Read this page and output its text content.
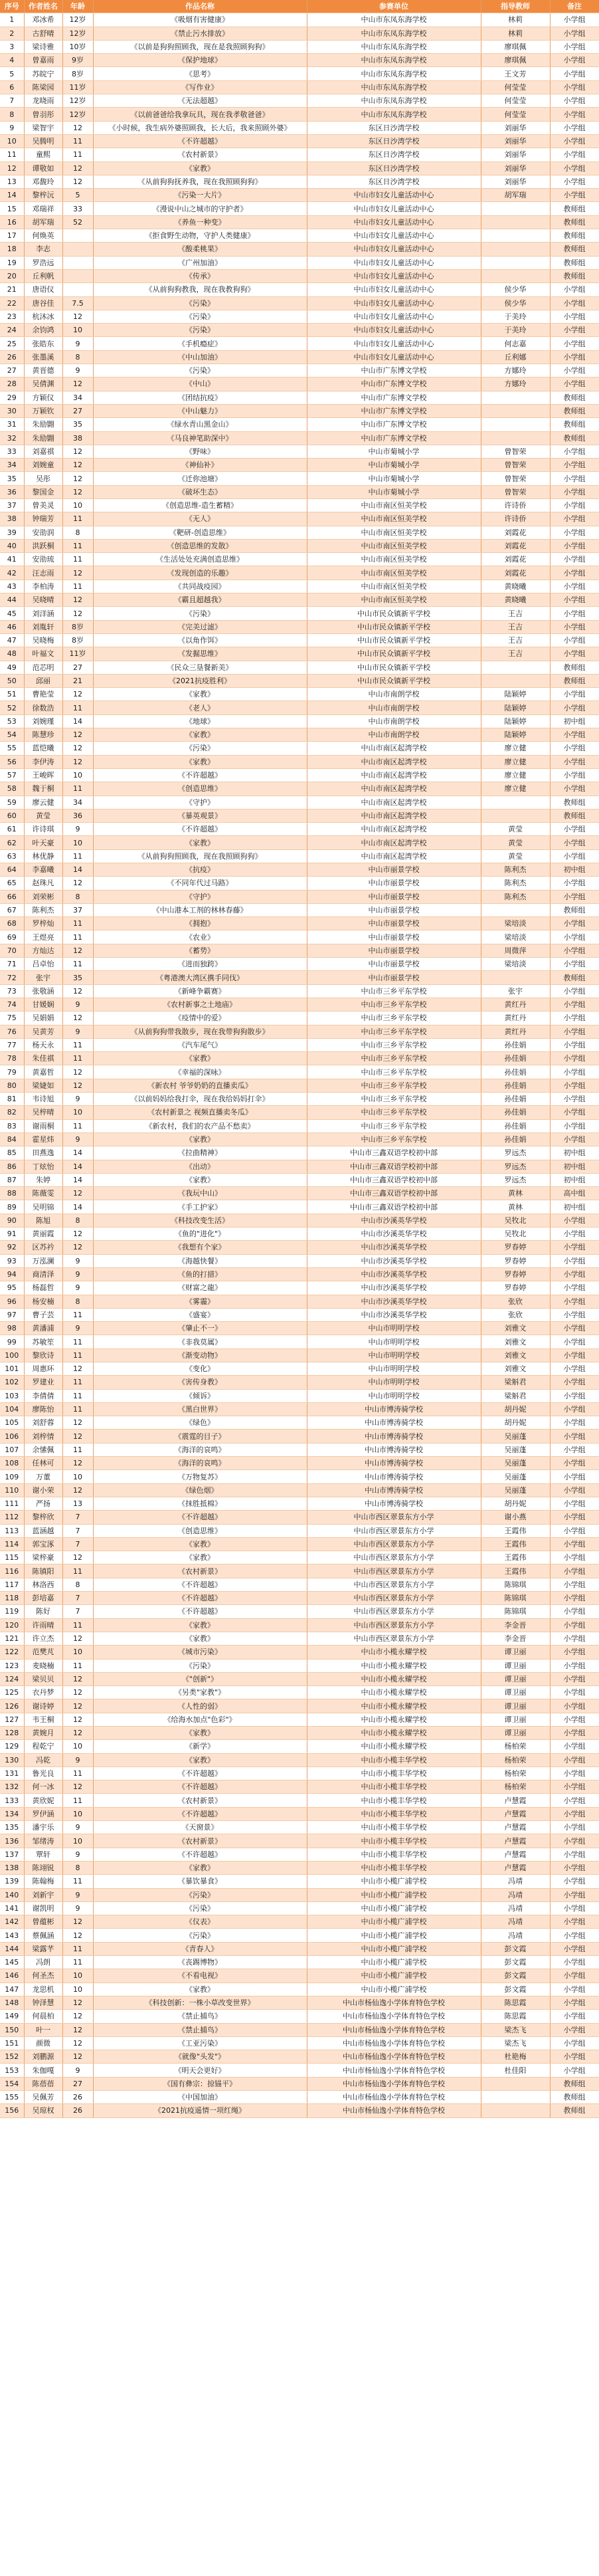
序号	作者姓名	年龄	作品名称	参赛单位	指导教师	备注
1	邓冰希	12岁	《吸烟有害健康》	中山市东凤东海学校	林莉	小学组
2	古舒晴	12岁	《禁止污水排放》	中山市东凤东海学校	林莉	小学组
3	梁诗雅	10岁	《以前是狗狗照顾我，现在是我照顾狗狗》	中山市东凤东海学校	廖琪佩	小学组
4	曾嘉雨	9岁	《保护地球》	中山市东凤东海学校	廖琪佩	小学组
5	苏皖宁	8岁	《思考》	中山市东凤东海学校	王文芳	小学组
6	陈梁园	11岁	《写作业》	中山市东凤东海学校	何莹莹	小学组
7	龙晓雨	12岁	《无法超越》	中山市东凤东海学校	何莹莹	小学组
8	曾羽彤	12岁	《以前爸爸给我拿玩具，现在我孝敬爸爸》	中山市东凤东海学校	何莹莹	小学组
9	梁智宇	12	《小时候，我生病外婆照顾我，长大后，我来照顾外婆》	东区日沙湾学校	刘丽华	小学组
10	吴腾明	11	《不许超越》	东区日沙湾学校	刘丽华	小学组
11	童熙	11	《农村新景》	东区日沙湾学校	刘丽华	小学组
12	谭敬如	12	《家教》	东区日沙湾学校	刘丽华	小学组
13	邓馥玲	12	《从前狗狗抚养我，现在我照顾狗狗》	东区日沙湾学校	刘丽华	小学组
14	黎梓沅	5	《污染一大片》	中山市妇女儿童活动中心	胡军瑞	小学组
15	邓瑞祥	33	《漫说中山之城市的守护者》	中山市妇女儿童活动中心		教师组
16	胡军瑞	52	《养鱼一种变》	中山市妇女儿童活动中心		教师组
17	何焕英		《拒食野生动物，守护人类健康》	中山市妇女儿童活动中心		教师组
18	李志		《酸柔桃果》	中山市妇女儿童活动中心		教师组
19	罗浩远		《广州加油》	中山市妇女儿童活动中心		教师组
20	丘利帆		《传承》	中山市妇女儿童活动中心		教师组
21	唐语仪		《从前狗狗教我，现在我教狗狗》	中山市妇女儿童活动中心	侯少华	小学组
22	唐谷佳	7.5	《污染》	中山市妇女儿童活动中心	侯少华	小学组
23	杭沐冰	12	《污染》	中山市妇女儿童活动中心	于美玲	小学组
24	余钧鸿	10	《污染》	中山市妇女儿童活动中心	于美玲	小学组
25	张皓东	9	《手机瘾症》	中山市妇女儿童活动中心	何志嘉	小学组
26	张墨溪	8	《中山加油》	中山市妇女儿童活动中心	丘利娜	小学组
27	黄晋德	9	《污染》	中山市广东博文学校	方娜玲	小学组
28	吴倩渊	12	《中山》	中山市广东博文学校	方娜玲	小学组
29	方颖仪	34	《团结抗疫》	中山市广东博文学校		教师组
30	万颖钦	27	《中山魅力》	中山市广东博文学校		教师组
31	朱励翾	35	《绿水青山黑金山》	中山市广东博文学校		教师组
32	朱励翾	38	《马良神笔助深中》	中山市广东博文学校		教师组
33	刘嘉祺	12	《野味》	中山市菊城小学	曾智荣	小学组
34	刘婉童	12	《神仙补》	中山市菊城小学	曾智荣	小学组
35	吴彤	12	《迁你池塘》	中山市菊城小学	曾智荣	小学组
36	黎国金	12	《破坏生态》	中山市菊城小学	曾智荣	小学组
37	曾美灵	10	《创造思维-造生蓄精》	中山市南区恒美学校	许诗侨	小学组
38	钟瑞芳	11	《无人》	中山市南区恒美学校	许诗侨	小学组
39	安劭润	8	《靶研-创造思维》	中山市南区恒美学校	刘霞花	小学组
40	洪跃桐	11	《创造思维的发散》	中山市南区恒美学校	刘霞花	小学组
41	安劭琉	11	《生活处处充满创造思维》	中山市南区恒美学校	刘霞花	小学组
42	汪志雨	12	《发现创造的乐趣》	中山市南区恒美学校	刘霞花	小学组
43	李柏涛	11	《共同战疫园》	中山市南区恒美学校	黄晓曦	小学组
44	吴晓晴	12	《霸且超越我》	中山市南区恒美学校	黄晓曦	小学组
45	刘洋涵	12	《污染》	中山市民众镇新平学校	王吉	小学组
46	刘胤轩	8岁	《完美过滤》	中山市民众镇新平学校	王吉	小学组
47	吴晓梅	8岁	《以角作饵》	中山市民众镇新平学校	王吉	小学组
48	叶福文	11岁	《发掘思维》	中山市民众镇新平学校	王吉	小学组
49	范芯明	27	《民众三垦餐新美》	中山市民众镇新平学校		教师组
50	邱丽	21	《2021抗疫胜利》	中山市民众镇新平学校		教师组
51	曹艳莹	12	《家教》	中山市南朗学校	陆颖婷	小学组
52	徐数浩	11	《老人》	中山市南朗学校	陆颖婷	小学组
53	刘婉瑾	14	《地球》	中山市南朗学校	陆颖婷	初中组
54	陈慧珍	12	《家教》	中山市南朗学校	陆颖婷	小学组
55	蓝恺曦	12	《污染》	中山市南区起湾学校	廖立健	小学组
56	李伊涛	12	《家教》	中山市南区起湾学校	廖立健	小学组
57	王峻晖	10	《不许超越》	中山市南区起湾学校	廖立健	小学组
58	魏于桐	11	《创造思维》	中山市南区起湾学校	廖立健	小学组
59	廖云健	34	《守护》	中山市南区起湾学校		教师组
60	黄莹	36	《暴英观景》	中山市南区起湾学校		教师组
61	许诗琪	9	《不许超越》	中山市南区起湾学校	黄莹	小学组
62	叶天豪	10	《家教》	中山市南区起湾学校	黄莹	小学组
63	林优静	11	《从前狗狗照顾我，现在我照顾狗狗》	中山市南区起湾学校	黄莹	小学组
64	李嘉曦	14	《抗疫》	中山市丽景学校	陈利杰	初中组
65	赵珠凡	12	《不同年代过马路》	中山市丽景学校	陈利杰	小学组
66	刘荣彬	8	《守护》	中山市丽景学校	陈利杰	小学组
67	陈利杰	37	《中山港本工剂的林林春藤》	中山市丽景学校		教师组
68	罗梓灿	11	《拥抱》	中山市丽景学校	梁培淡	小学组
69	王煜亮	11	《农业》	中山市丽景学校	梁培淡	小学组
70	方灿达	12	《蓄势》	中山市丽景学校	周微萍	小学组
71	吕卓怡	11	《进而独跨》	中山市丽景学校	梁培淡	小学组
72	张宇	35	《粤港澳大湾区携手同伐》	中山市丽景学校		教师组
73	张敬涵	12	《新峰争霸赛》	中山市三乡平东学校	张宇	小学组
74	甘媛娴	9	《农村新事之土地庙》	中山市三乡平东学校	黄红丹	小学组
75	吴娟娟	12	《疫情中的爱》	中山市三乡平东学校	黄红丹	小学组
76	吴黄芳	9	《从前狗狗带我散步，现在我带狗狗散步》	中山市三乡平东学校	黄红丹	小学组
77	杨天永	11	《汽车尾气》	中山市三乡平东学校	孙佳娟	小学组
78	朱佳祺	11	《家教》	中山市三乡平东学校	孙佳娟	小学组
79	黄嘉哲	12	《幸福的深咏》	中山市三乡平东学校	孙佳娟	小学组
80	梁婕如	12	《新农村 爷爷奶奶的直播卖瓜》	中山市三乡平东学校	孙佳娟	小学组
81	韦诗旭	9	《以前妈妈给我打伞，现在我给妈妈打伞》	中山市三乡平东学校	孙佳娟	小学组
82	吴梓晴	10	《农村新景之 视频直播卖冬瓜》	中山市三乡平东学校	孙佳娟	小学组
83	谢雨桐	11	《新农村，我们的农产品不愁卖》	中山市三乡平东学校	孙佳娟	小学组
84	霍星炜	9	《家教》	中山市三乡平东学校	孙佳娟	小学组
85	田燕逸	14	《拉曲精神》	中山市三鑫双语学校初中部	罗远杰	初中组
86	丁炫怡	14	《出动》	中山市三鑫双语学校初中部	罗远杰	初中组
87	朱婷	14	《家教》	中山市三鑫双语学校初中部	罗远杰	初中组
88	陈薇雯	12	《我玩中山》	中山市三鑫双语学校初中部	黄林	高中组
89	吴明锦	14	《手工护家》	中山市三鑫双语学校初中部	黄林	初中组
90	陈旭	8	《科技改变生活》	中山市沙溪英华学校	吴牧北	小学组
91	黄丽霞	12	《鱼的"进化"》	中山市沙溪英华学校	吴牧北	小学组
92	区苏衿	12	《我想有个家》	中山市沙溪英华学校	罗春婷	小学组
93	万泓澜	9	《海越快餐》	中山市沙溪英华学校	罗春婷	小学组
94	商清泽	9	《鱼的打措》	中山市沙溪英华学校	罗春婷	小学组
95	杨磊哲	9	《财富之龍》	中山市沙溪英华学校	罗春婷	小学组
96	杨安楠	8	《雾霾》	中山市沙溪英华学校	张欣	小学组
97	曹子芸	11	《盛宴》	中山市沙溪英华学校	张欣	小学组
98	黄潘浦	9	《肇止不一》	中山市明明学校	刘雅文	小学组
99	苏敏笙	11	《非我莫属》	中山市明明学校	刘雅文	小学组
100	黎欣诗	11	《渐变动物》	中山市明明学校	刘雅文	小学组
101	周惠环	12	《变化》	中山市明明学校	刘雅文	小学组
102	罗建业	11	《害传身教》	中山市明明学校	梁斛君	小学组
103	李倩倩	11	《倾诉》	中山市明明学校	梁斛君	小学组
104	廖陈怡	11	《黑白世界》	中山市博涛骑学校	胡丹妮	小学组
105	刘舒蓉	12	《绿色》	中山市博涛骑学校	胡丹妮	小学组
106	刘梓情	12	《震霆的目子》	中山市博涛骑学校	吴丽蓬	小学组
107	余愫佩	11	《海洋的哀鸣》	中山市博涛骑学校	吴丽蓬	小学组
108	任林可	12	《海洋的哀鸣》	中山市博涛骑学校	吴丽蓬	小学组
109	万董	10	《万物复苏》	中山市博涛骑学校	吴丽蓬	小学组
110	谢小荣	12	《绿色烟》	中山市博涛骑学校	吴丽蓬	小学组
111	严扬	13	《抹胜抵棉》	中山市博涛骑学校	胡丹妮	小学组
112	黎梓欣	7	《不许超越》	中山市西区翠景东方小学	谢小燕	小学组
113	蓝涵越	7	《创造思维》	中山市西区翠景东方小学	王霞伟	小学组
114	郭宝涿	7	《家教》	中山市西区翠景东方小学	王霞伟	小学组
115	梁梓豪	12	《家教》	中山市西区翠景东方小学	王霞伟	小学组
116	陈镇阳	11	《农村新景》	中山市西区翠景东方小学	王霞伟	小学组
117	林洛西	8	《不许超越》	中山市西区翠景东方小学	陈锦琪	小学组
118	彭培嘉	7	《不许超越》	中山市西区翠景东方小学	陈锦琪	小学组
119	陈好	7	《不许超越》	中山市西区翠景东方小学	陈锦琪	小学组
120	许雨晴	11	《家教》	中山市西区翠景东方小学	李金晋	小学组
121	许立杰	12	《家教》	中山市西区翠景东方小学	李金晋	小学组
122	范樊芃	10	《城市污染》	中山市小榄永耀学校	谭卫丽	小学组
123	麦晓楠	11	《污染》	中山市小榄永耀学校	谭卫丽	小学组
124	梁贝贝	12	《"创新"》	中山市小榄永耀学校	谭卫丽	小学组
125	衣丹梦	12	《另类"家教"》	中山市小榄永耀学校	谭卫丽	小学组
126	谢诗婷	12	《人性的弱》	中山市小榄永耀学校	谭卫丽	小学组
127	韦王桐	12	《给海水加点"色彩"》	中山市小榄永耀学校	谭卫丽	小学组
128	黄婉月	12	《家教》	中山市小榄永耀学校	谭卫丽	小学组
129	程乾宁	10	《新学》	中山市小榄永耀学校	杨柏荣	小学组
130	冯乾	9	《家教》	中山市小榄丰华学校	杨柏荣	小学组
131	鲁光良	11	《不许超越》	中山市小榄丰华学校	杨柏荣	小学组
132	何一冰	12	《不许超越》	中山市小榄丰华学校	杨柏荣	小学组
133	黄欣妮	11	《农村新景》	中山市小榄丰华学校	卢慧霞	小学组
134	罗伊涵	10	《不许超越》	中山市小榄丰华学校	卢慧霞	小学组
135	潘宇乐	9	《天窗景》	中山市小榄丰华学校	卢慧霞	小学组
136	邹绪涛	10	《农村新景》	中山市小榄丰华学校	卢慧霞	小学组
137	覃轩	9	《不许超越》	中山市小榄丰华学校	卢慧霞	小学组
138	陈翊锐	8	《家教》	中山市小榄丰华学校	卢慧霞	小学组
139	陈翰梅	11	《暴饮暴食》	中山市小榄广浦学校	冯靖	小学组
140	刘新宇	9	《污染》	中山市小榄广浦学校	冯靖	小学组
141	谢凯明	9	《污染》	中山市小榄广浦学校	冯靖	小学组
142	曾蕴彬	12	《仪表》	中山市小榄广浦学校	冯靖	小学组
143	蔡佩涵	12	《污染》	中山市小榄广浦学校	冯靖	小学组
144	梁露芊	11	《青春人》	中山市小榄广浦学校	彭文霞	小学组
145	冯朗	11	《丧踢博物》	中山市小榄广浦学校	彭文霞	小学组
146	何圣杰	10	《不看电视》	中山市小榄广浦学校	彭文霞	小学组
147	龙思机	10	《家教》	中山市小榄广浦学校	彭文霞	小学组
148	钟泽慧	12	《科技创新：一株小草改变世界》	中山市杨仙逸小学体育特色学校	陈思霞	小学组
149	何晨柏	12	《禁止捕鸟》	中山市杨仙逸小学体育特色学校	陈思霞	小学组
150	叶一	12	《禁止捕鸟》	中山市杨仙逸小学体育特色学校	梁杰飞	小学组
151	颜微	12	《工亚污染》	中山市杨仙逸小学体育特色学校	梁杰飞	小学组
152	刘鹏源	12	《就像"头发"》	中山市杨仙逸小学体育特色学校	杜艳梅	小学组
153	朱伽嘎	9	《明天会更好》	中山市杨仙逸小学体育特色学校	杜佳阳	小学组
154	陈蓓蓓	27	《国有彝宗：掠锚平》	中山市杨仙逸小学体育特色学校		教师组
155	吴佩芳	26	《中国加油》	中山市杨仙逸小学体育特色学校		教师组
156	吴琼权	26	《2021抗疫遥情一项红绳》	中山市杨仙逸小学体育特色学校		教师组
